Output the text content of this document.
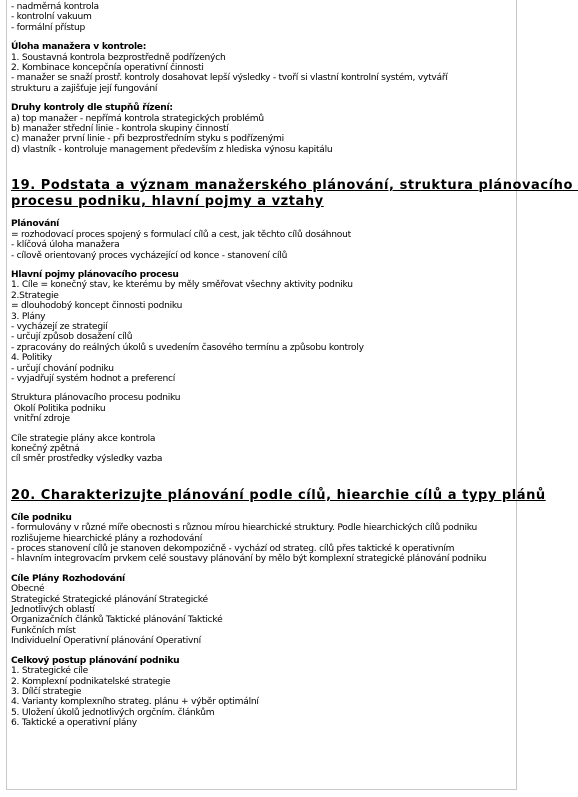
- nadměrná kontrola
- kontrolní vakuum
- formální přístup
Úloha manažera v kontrole:
1. Soustavná kontrola bezprostředně podřízených
2. Kombinace koncepčnía operativní činnosti
- manažer se snaží prostř. kontroly dosahovat lepší výsledky - tvoří si vlastní kontrolní systém, vytváří
strukturu a zajišťuje její fungování
Druhy kontroly dle stupňů řízení:
a) top manažer - nepřímá kontrola strategických problémů
b) manažer střední linie - kontrola skupiny činností
c) manažer první linie - při bezprostředním styku s podřízenými
d) vlastník - kontroluje management především z hlediska výnosu kapitálu
19. Podstata a význam manažerského plánování, struktura plánovacího
procesu podniku, hlavní pojmy a vztahy
Plánování
= rozhodovací proces spojený s formulací cílů a cest, jak těchto cílů dosáhnout
- klíčová úloha manažera
- cílově orientovaný proces vycházející od konce - stanovení cílů
Hlavní pojmy plánovacího procesu
1. Cíle = konečný stav, ke kterému by měly směřovat všechny aktivity podniku
2.Strategie
= dlouhodobý koncept činnosti podniku
3. Plány
- vycházejí ze strategií
- určují způsob dosažení cílů
- zpracovány do reálných úkolů s uvedením časového termínu a způsobu kontroly
4. Politiky
- určují chování podniku
- vyjadřují systém hodnot a preferencí
Struktura plánovacího procesu podniku
Okolí Politika podniku
vnitřní zdroje
Cíle strategie plány akce kontrola
konečný zpětná
cíl směr prostředky výsledky vazba
20. Charakterizujte plánování podle cílů, hiearchie cílů a typy plánů
Cíle podniku
- formulovány v různé míře obecnosti s různou mírou hiearchické struktury. Podle hiearchických cílů podniku
rozlišujeme hiearchické plány a rozhodování
- proces stanovení cílů je stanoven dekompozičně - vychází od strateg. cílů přes taktické k operativním
- hlavním integrovacím prvkem celé soustavy plánování by mělo být komplexní strategické plánování podniku
Cíle Plány Rozhodování
Obecné
Strategické Strategické plánování Strategické
Jednotlivých oblastí
Organizačních článků Taktické plánování Taktické
Funkčních míst
Individuelní Operativní plánování Operativní
Celkový postup plánování podniku
1. Strategické cíle
2. Komplexní podnikatelské strategie
3. Dílčí strategie
4. Varianty komplexního strateg. plánu + výběr optimální
5. Uložení úkolů jednotlivých orgčním. článkům
6. Taktické a operativní plány
